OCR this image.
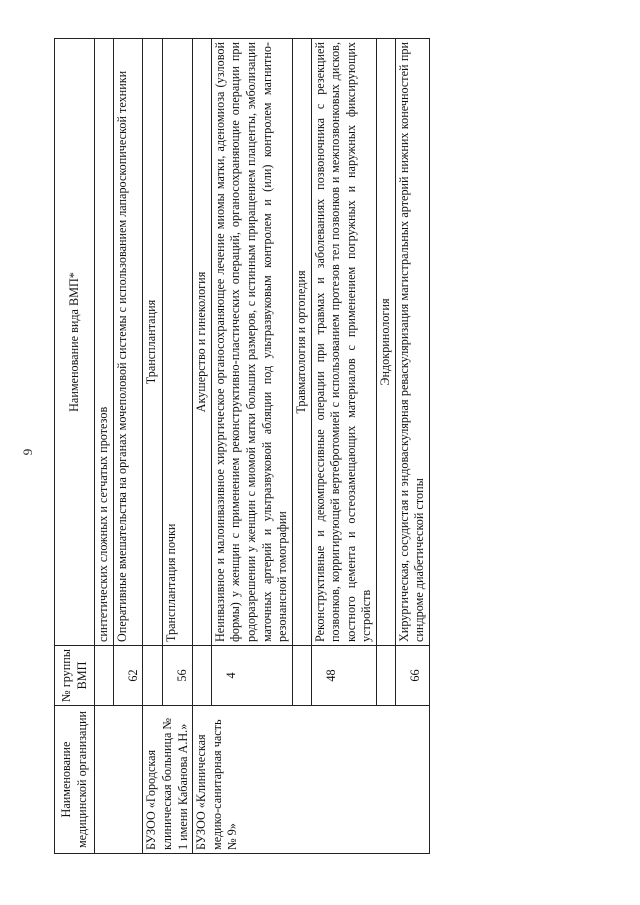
9
Наименование медицинской организации	№ группы ВМП	Наименование вида ВМП*
		синтетических сложных и сетчатых протезов
	62	Оперативные вмешательства на органах мочеполовой системы с использованием лапароскопической техники
БУЗОО «Городская клиническая больница № 1 имени Кабанова А.Н.»		Трансплантация
	56	Трансплантация почки
БУЗОО «Клиническая медико-санитарная часть № 9»		Акушерство и гинекология
	4	Неинвазивное и малоинвазивное хирургическое органосохраняющее лечение миомы матки, аденомиоза (узловой формы) у женщин с применением реконструктивно-пластических операций, органосохраняющие операции при родоразрешении у женщин с миомой матки больших размеров, с истинным приращением плаценты, эмболизации маточных артерий и ультразвуковой абляции под ультразвуковым контролем и (или) контролем магнитно-резонансной томографии
		Травматология и ортопедия
	48	Реконструктивные и декомпрессивные операции при травмах и заболеваниях позвоночника с резекцией позвонков, корригирующей вертебротомией с использованием протезов тел позвонков и межпозвонковых дисков, костного цемента и остеозамещающих материалов с применением погружных и наружных фиксирующих устройств
		Эндокринология
	66	Хирургическая, сосудистая и эндоваскулярная реваскуляризация магистральных артерий нижних конечностей при синдроме диабетической стопы
